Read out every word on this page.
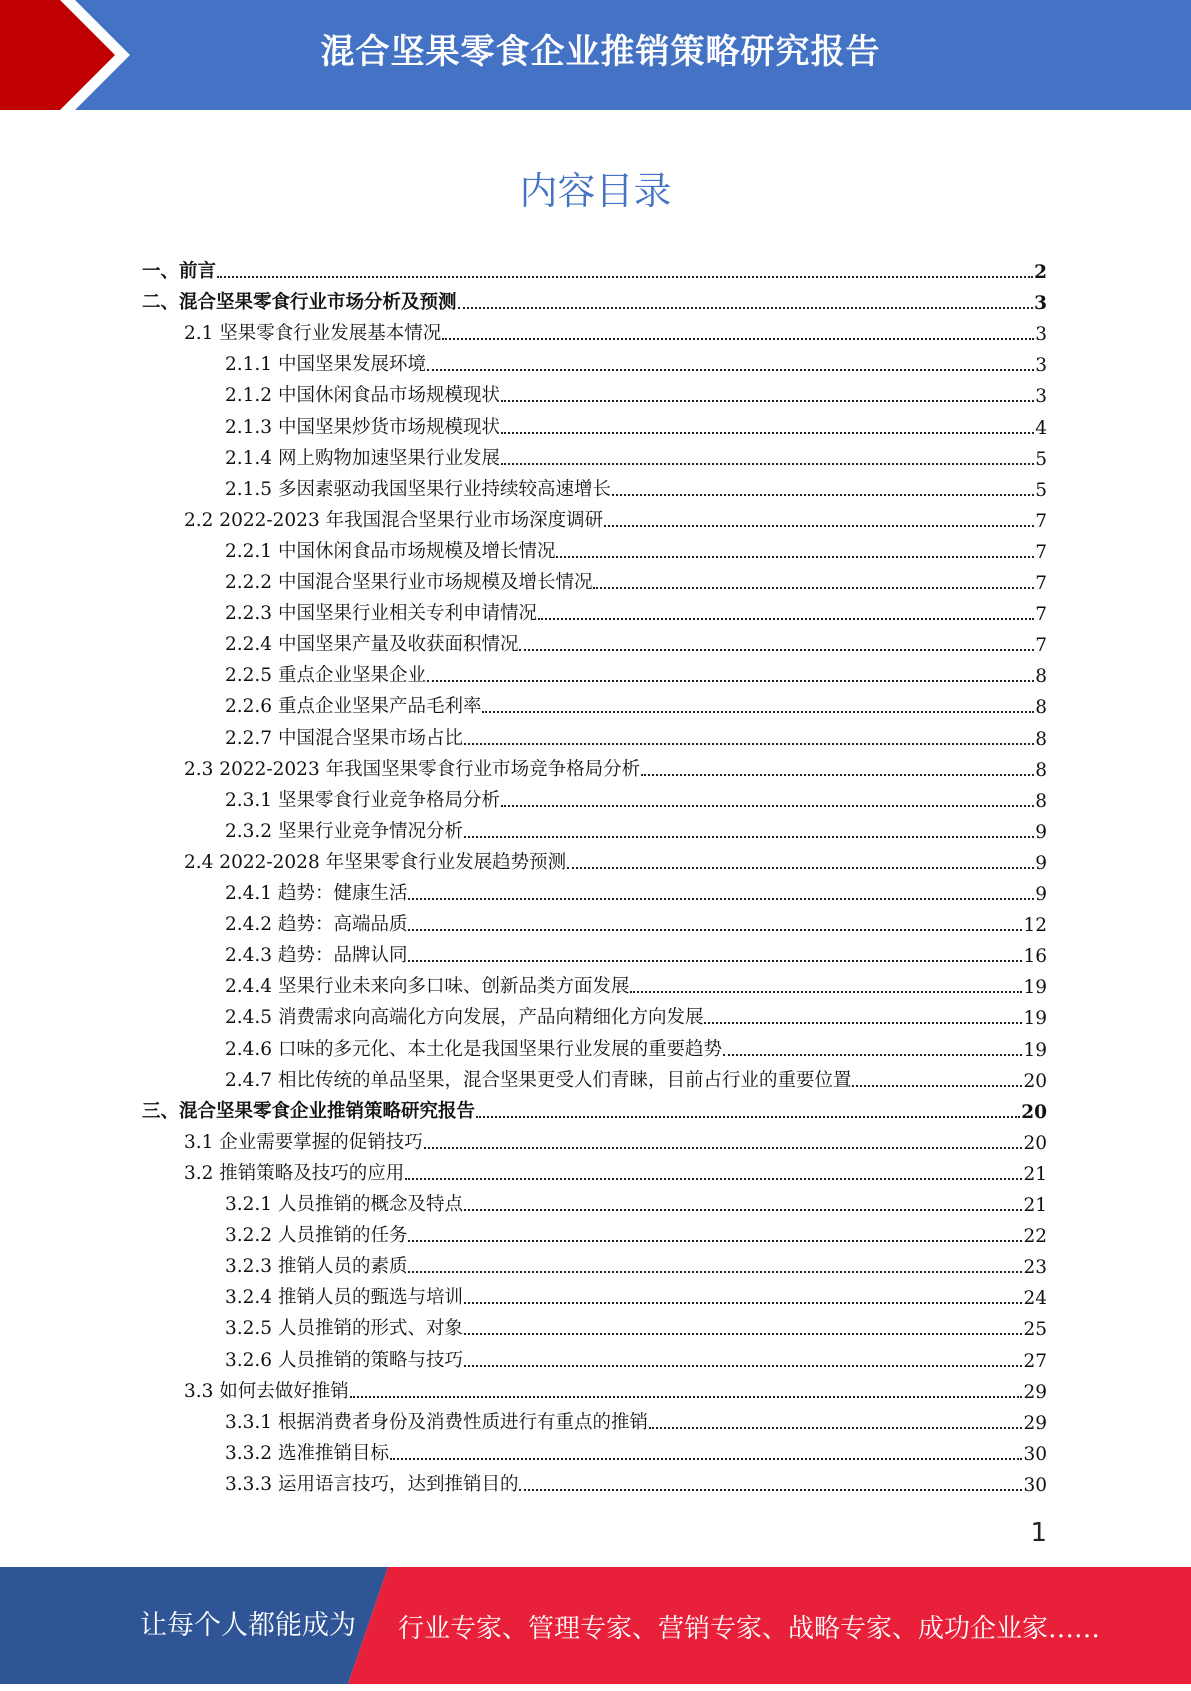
混合坚果零食企业推销策略研究报告
内容目录
一、前言	2
二、混合坚果零食行业市场分析及预测	3
2.1 坚果零食行业发展基本情况	3
2.1.1 中国坚果发展环境	3
2.1.2 中国休闲食品市场规模现状	3
2.1.3 中国坚果炒货市场规模现状	4
2.1.4 网上购物加速坚果行业发展	5
2.1.5 多因素驱动我国坚果行业持续较高速增长	5
2.2 2022-2023 年我国混合坚果行业市场深度调研	7
2.2.1 中国休闲食品市场规模及增长情况	7
2.2.2 中国混合坚果行业市场规模及增长情况	7
2.2.3 中国坚果行业相关专利申请情况	7
2.2.4 中国坚果产量及收获面积情况	7
2.2.5 重点企业坚果企业	8
2.2.6 重点企业坚果产品毛利率	8
2.2.7 中国混合坚果市场占比	8
2.3 2022-2023 年我国坚果零食行业市场竞争格局分析	8
2.3.1 坚果零食行业竞争格局分析	8
2.3.2 坚果行业竞争情况分析	9
2.4 2022-2028 年坚果零食行业发展趋势预测	9
2.4.1 趋势：健康生活	9
2.4.2 趋势：高端品质	12
2.4.3 趋势：品牌认同	16
2.4.4 坚果行业未来向多口味、创新品类方面发展	19
2.4.5 消费需求向高端化方向发展，产品向精细化方向发展	19
2.4.6 口味的多元化、本土化是我国坚果行业发展的重要趋势	19
2.4.7 相比传统的单品坚果，混合坚果更受人们青睐，目前占行业的重要位置	20
三、混合坚果零食企业推销策略研究报告	20
3.1 企业需要掌握的促销技巧	20
3.2 推销策略及技巧的应用	21
3.2.1 人员推销的概念及特点	21
3.2.2 人员推销的任务	22
3.2.3 推销人员的素质	23
3.2.4 推销人员的甄选与培训	24
3.2.5 人员推销的形式、对象	25
3.2.6 人员推销的策略与技巧	27
3.3 如何去做好推销	29
3.3.1 根据消费者身份及消费性质进行有重点的推销	29
3.3.2 选准推销目标	30
3.3.3 运用语言技巧，达到推销目的	30
1
让每个人都能成为 行业专家、管理专家、营销专家、战略专家、成功企业家……
